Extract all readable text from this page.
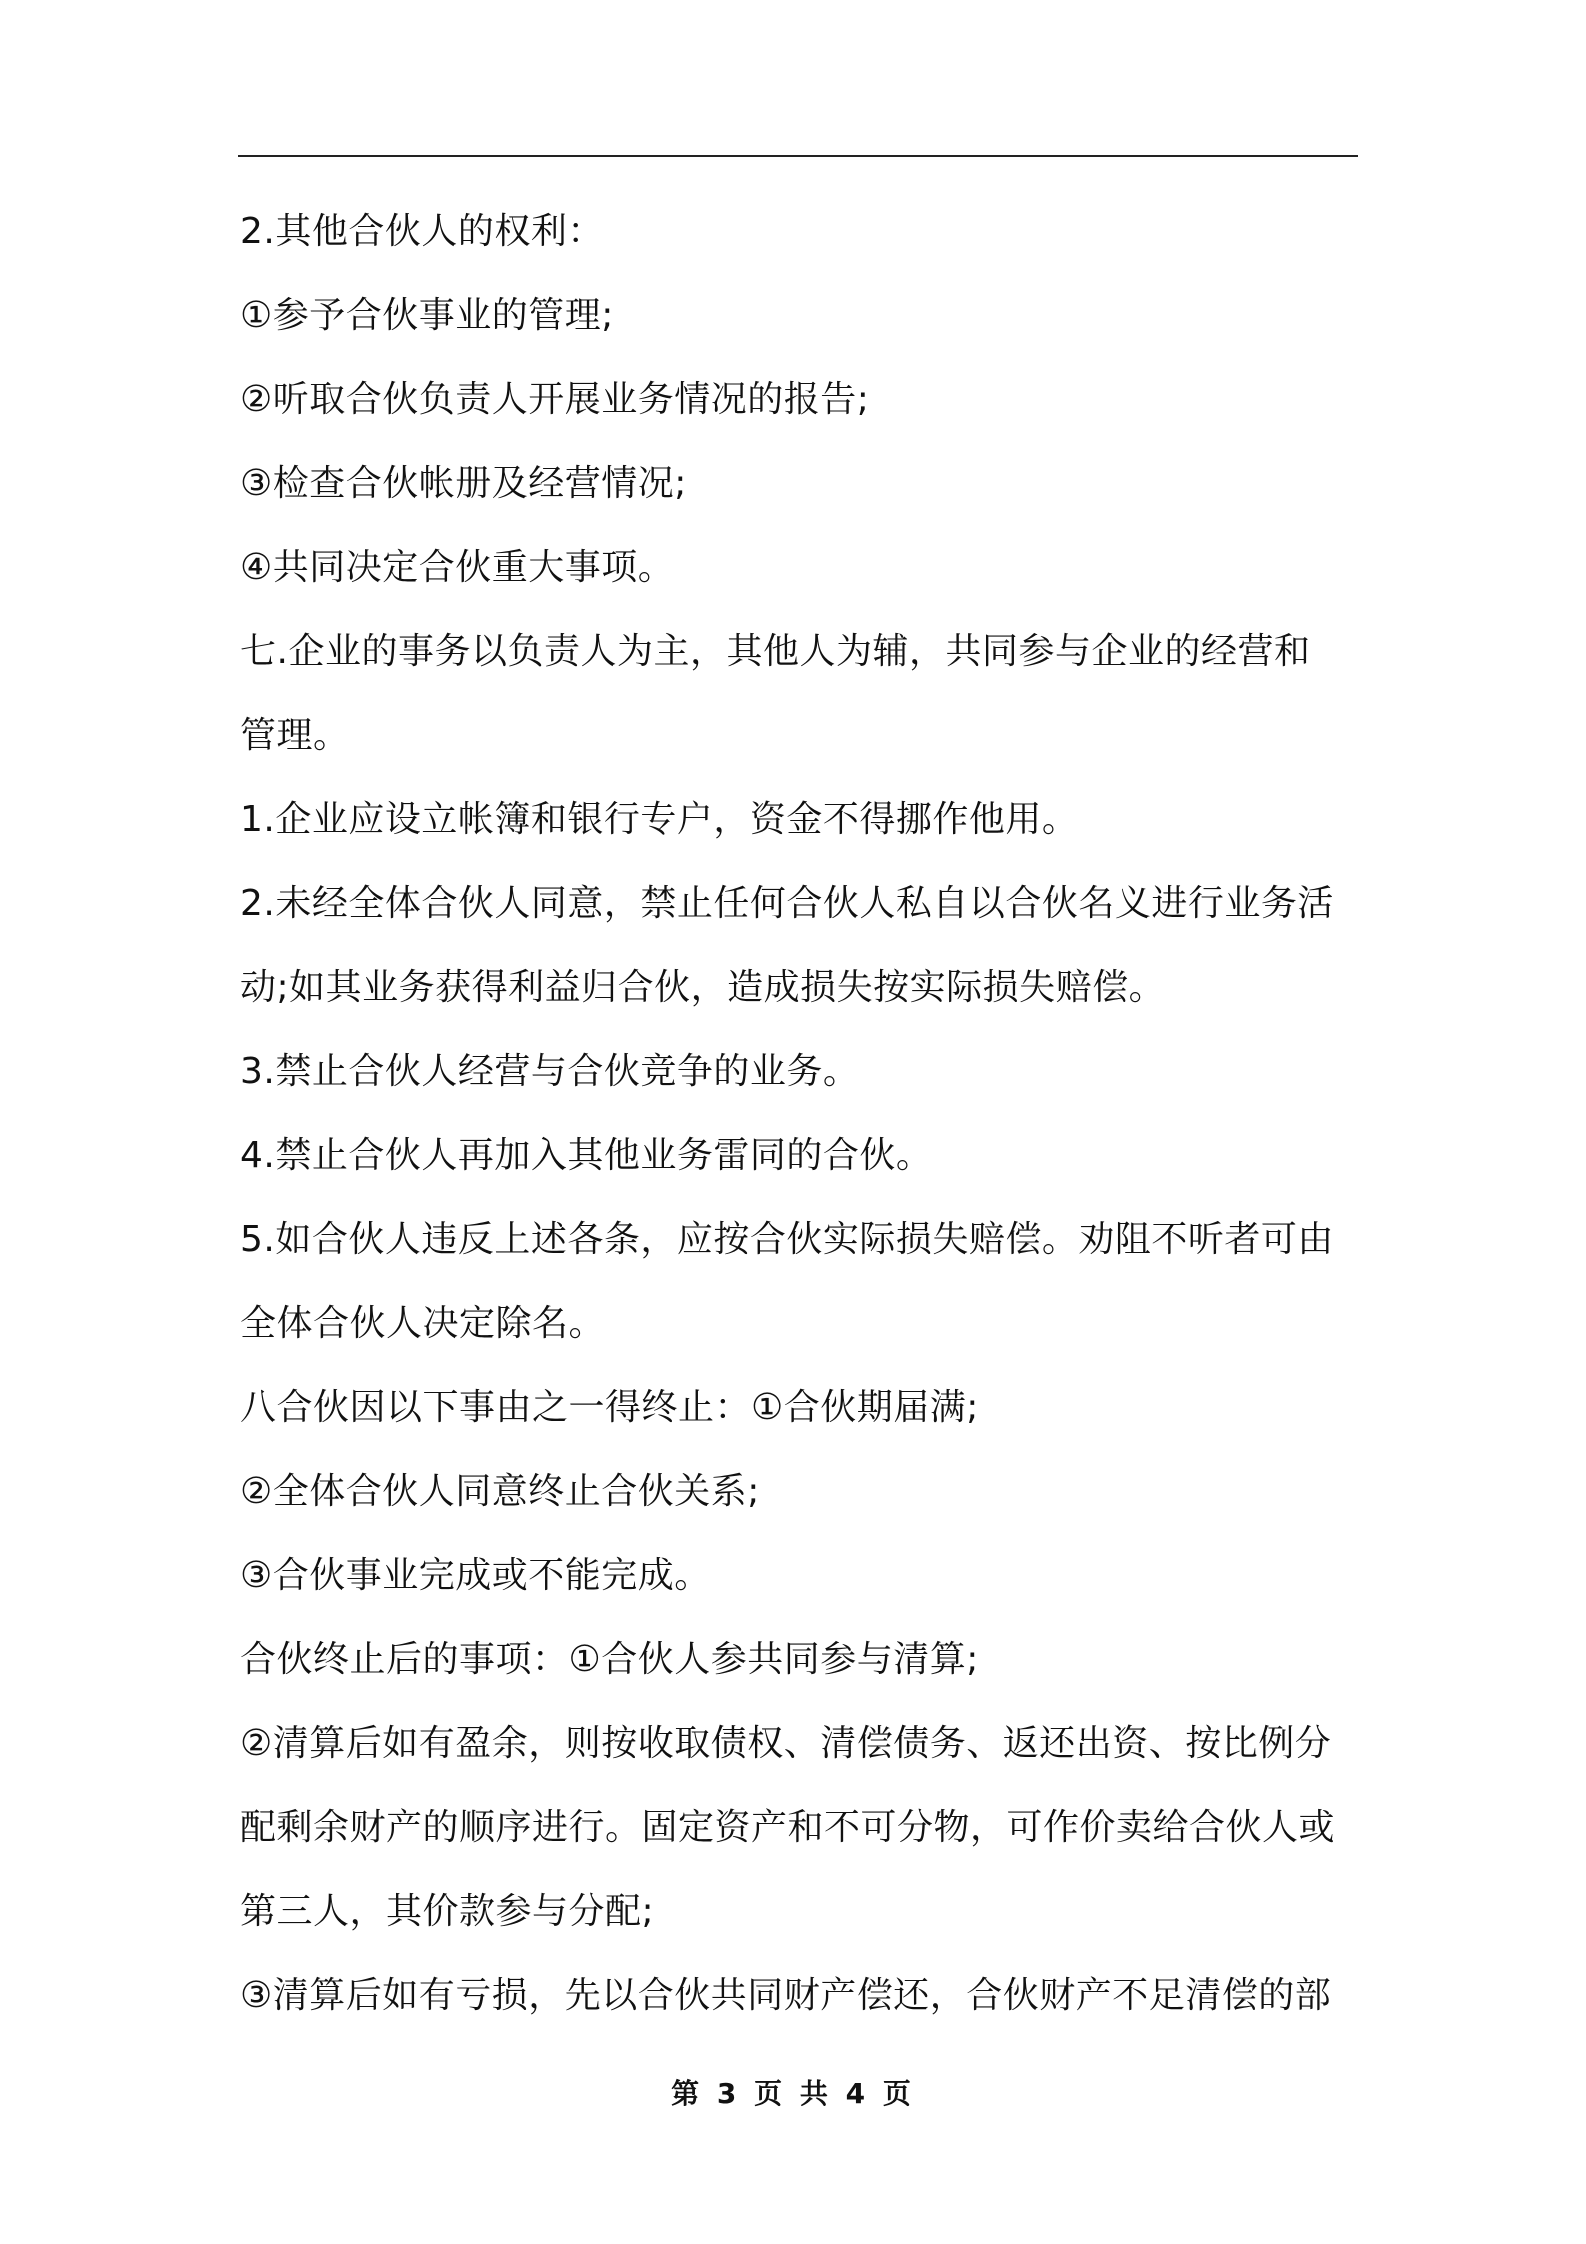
2.其他合伙人的权利：
①参予合伙事业的管理;
②听取合伙负责人开展业务情况的报告;
③检查合伙帐册及经营情况;
④共同决定合伙重大事项。
七.企业的事务以负责人为主，其他人为辅，共同参与企业的经营和
管理。
1.企业应设立帐簿和银行专户，资金不得挪作他用。
2.未经全体合伙人同意，禁止任何合伙人私自以合伙名义进行业务活
动;如其业务获得利益归合伙，造成损失按实际损失赔偿。
3.禁止合伙人经营与合伙竞争的业务。
4.禁止合伙人再加入其他业务雷同的合伙。
5.如合伙人违反上述各条，应按合伙实际损失赔偿。劝阻不听者可由
全体合伙人决定除名。
八合伙因以下事由之一得终止：①合伙期届满;
②全体合伙人同意终止合伙关系;
③合伙事业完成或不能完成。
合伙终止后的事项：①合伙人参共同参与清算;
②清算后如有盈余，则按收取债权、清偿债务、返还出资、按比例分
配剩余财产的顺序进行。固定资产和不可分物，可作价卖给合伙人或
第三人，其价款参与分配;
③清算后如有亏损，先以合伙共同财产偿还，合伙财产不足清偿的部
第 3 页 共 4 页
